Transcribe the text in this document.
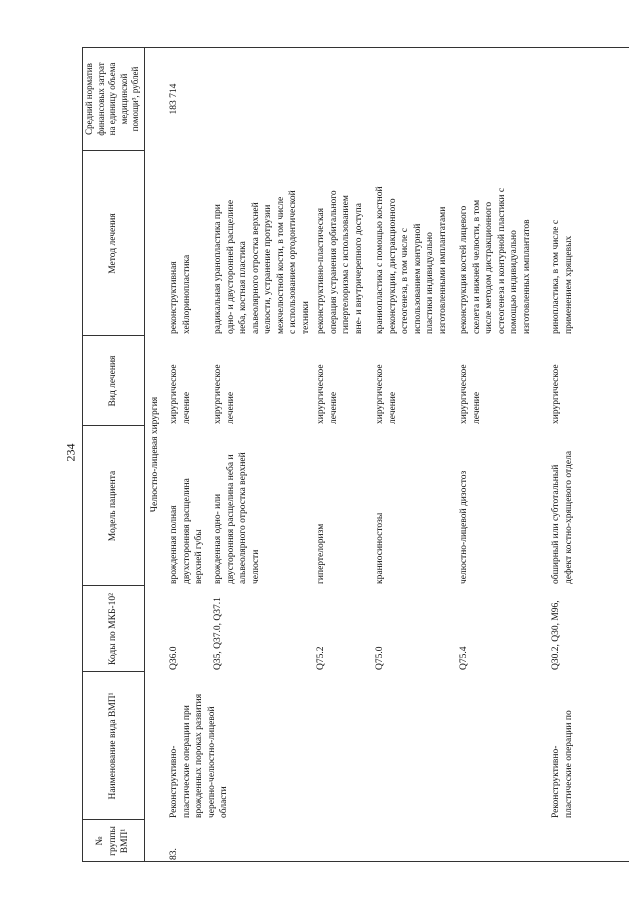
234
№
группы
ВМП¹
Наименование вида ВМП¹
Коды по МКБ-10²
Модель пациента
Вид лечения
Метод лечения
Средний норматив
финансовых затрат
на единицу объема
медицинской
помощи³, рублей
Челюстно-лицевая хирургия
83.
Реконструктивно-
пластические операции при
врожденных пороках развития
черепно-челюстно-лицевой
области
183 714
Q36.0
врожденная полная
двухсторонняя расщелина
верхней губы
хирургическое
лечение
реконструктивная
хейлоринопластика
Q35, Q37.0, Q37.1
врожденная одно- или
двусторонняя расщелина неба и
альвеолярного отростка верхней
челюсти
хирургическое
лечение
радикальная уранопластика при
одно- и двусторонней расщелине
неба, костная пластика
альвеолярного отростка верхней
челюсти, устранение протрузии
межчелюстной кости, в том числе
с использованием ортодонтической
техники
Q75.2
гипертелоризм
хирургическое
лечение
реконструктивно-пластическая
операция устранения орбитального
гипертелоризма с использованием
вне- и внутричерепного доступа
Q75.0
краниосиностозы
хирургическое
лечение
краниопластика с помощью костной
реконструкции, дистракционного
остеогенеза, в том числе с
использованием контурной
пластики индивидуально
изготовленными имплантатами
Q75.4
челюстно-лицевой дизостоз
хирургическое
лечение
реконструкция костей лицевого
скелета и нижней челюсти, в том
числе методом дистракционного
остеогенеза и контурной пластики с
помощью индивидуально
изготовленных имплантатов
Реконструктивно-
пластические операции по
Q30.2, Q30, M96,
обширный или субтотальный
дефект костно-хрящевого отдела
хирургическое
ринопластика, в том числе с
применением хрящевых
